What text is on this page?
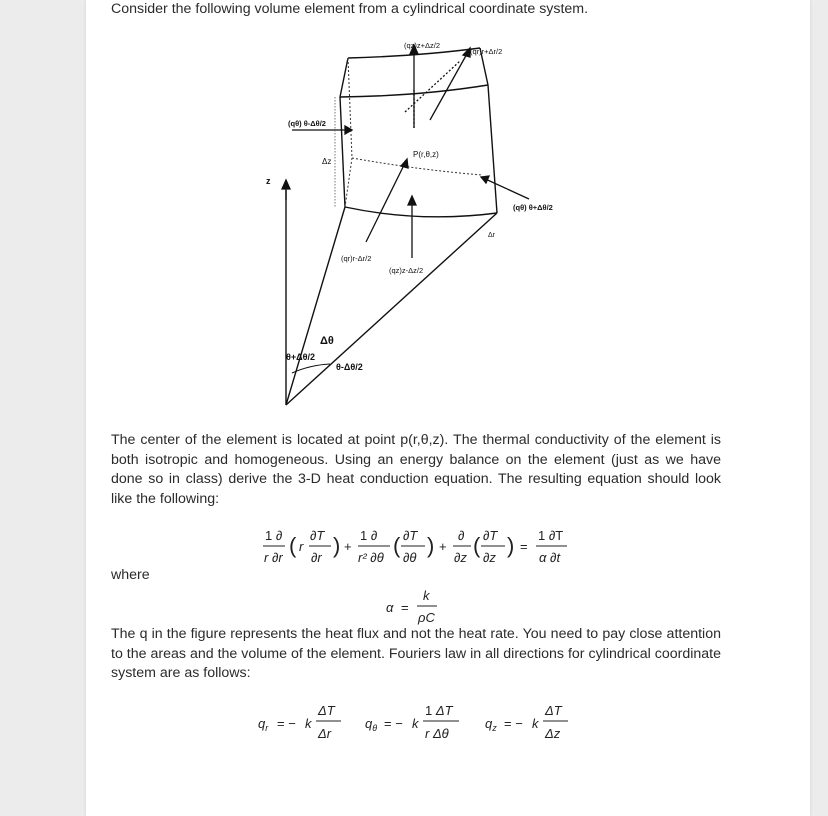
Consider the following volume element from a cylindrical coordinate system.
(qz)z+Δz/2
(qr)r+Δr/2
(qθ) θ-Δθ/2
Δz
P(r,θ,z)
z
(qθ) θ+Δθ/2
Δr
(qr)r-Δr/2
(qz)z-Δz/2
Δθ
θ+Δθ/2
θ-Δθ/2
The center of the element is located at point p(r,θ,z). The thermal conductivity of the element is both isotropic and homogeneous. Using an energy balance on the element (just as we have done so in class) derive the 3-D heat conduction equation. The resulting equation should look like the following:
1 ∂
r ∂r ( r
∂T
∂r ) +
1 ∂
r² ∂θ ( ∂T
∂θ ) +
∂
∂z ( ∂T
∂z ) =
1 ∂T
α ∂t
where
α =
k
ρC
The q in the figure represents the heat flux and not the heat rate. You need to pay close attention to the areas and the volume of the element. Fouriers law in all directions for cylindrical coordinate system are as follows:
$q_r$ = − k
ΔT
Δr
$q_\theta$ = − k
1 ΔT
r Δθ
$q_z$ = − k
ΔT
Δz
